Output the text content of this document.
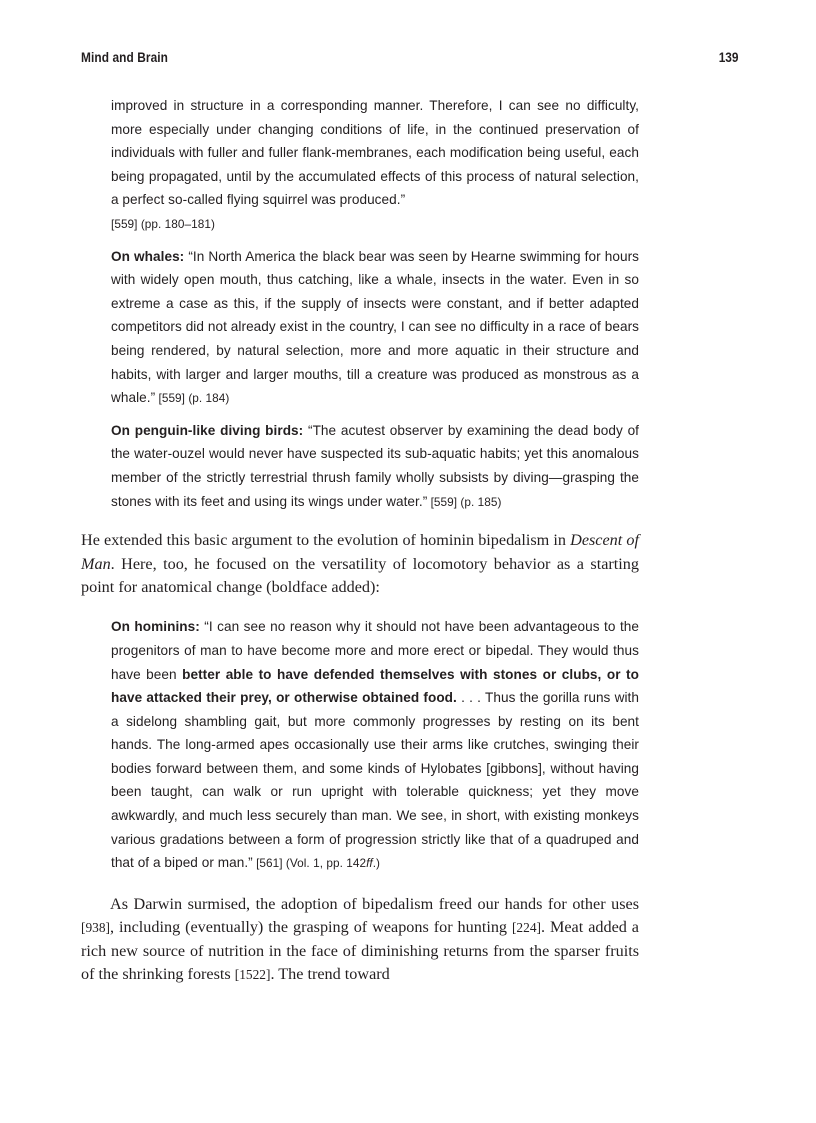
Mind and Brain	139

improved in structure in a corresponding manner. Therefore, I can see no difficulty, more especially under changing conditions of life, in the continued preservation of individuals with fuller and fuller flank-membranes, each modification being useful, each being propagated, until by the accumulated effects of this process of natural selection, a perfect so-called flying squirrel was produced.”
[559] (pp. 180–181)

On whales: “In North America the black bear was seen by Hearne swimming for hours with widely open mouth, thus catching, like a whale, insects in the water. Even in so extreme a case as this, if the supply of insects were constant, and if better adapted competitors did not already exist in the country, I can see no difficulty in a race of bears being rendered, by natural selection, more and more aquatic in their structure and habits, with larger and larger mouths, till a creature was produced as monstrous as a whale.” [559] (p. 184)

On penguin-like diving birds: “The acutest observer by examining the dead body of the water-ouzel would never have suspected its sub-aquatic habits; yet this anomalous member of the strictly terrestrial thrush family wholly subsists by diving—grasping the stones with its feet and using its wings under water.” [559] (p. 185)

He extended this basic argument to the evolution of hominin bipedalism in Descent of Man. Here, too, he focused on the versatility of locomotory behavior as a starting point for anatomical change (boldface added):

On hominins: “I can see no reason why it should not have been advantageous to the progenitors of man to have become more and more erect or bipedal. They would thus have been better able to have defended themselves with stones or clubs, or to have attacked their prey, or otherwise obtained food. . . . Thus the gorilla runs with a sidelong shambling gait, but more commonly progresses by resting on its bent hands. The long-armed apes occasionally use their arms like crutches, swinging their bodies forward between them, and some kinds of Hylobates [gibbons], without having been taught, can walk or run upright with tolerable quickness; yet they move awkwardly, and much less securely than man. We see, in short, with existing monkeys various gradations between a form of progression strictly like that of a quadruped and that of a biped or man.” [561] (Vol. 1, pp. 142ff.)

As Darwin surmised, the adoption of bipedalism freed our hands for other uses [938], including (eventually) the grasping of weapons for hunting [224]. Meat added a rich new source of nutrition in the face of diminishing returns from the sparser fruits of the shrinking forests [1522]. The trend toward
